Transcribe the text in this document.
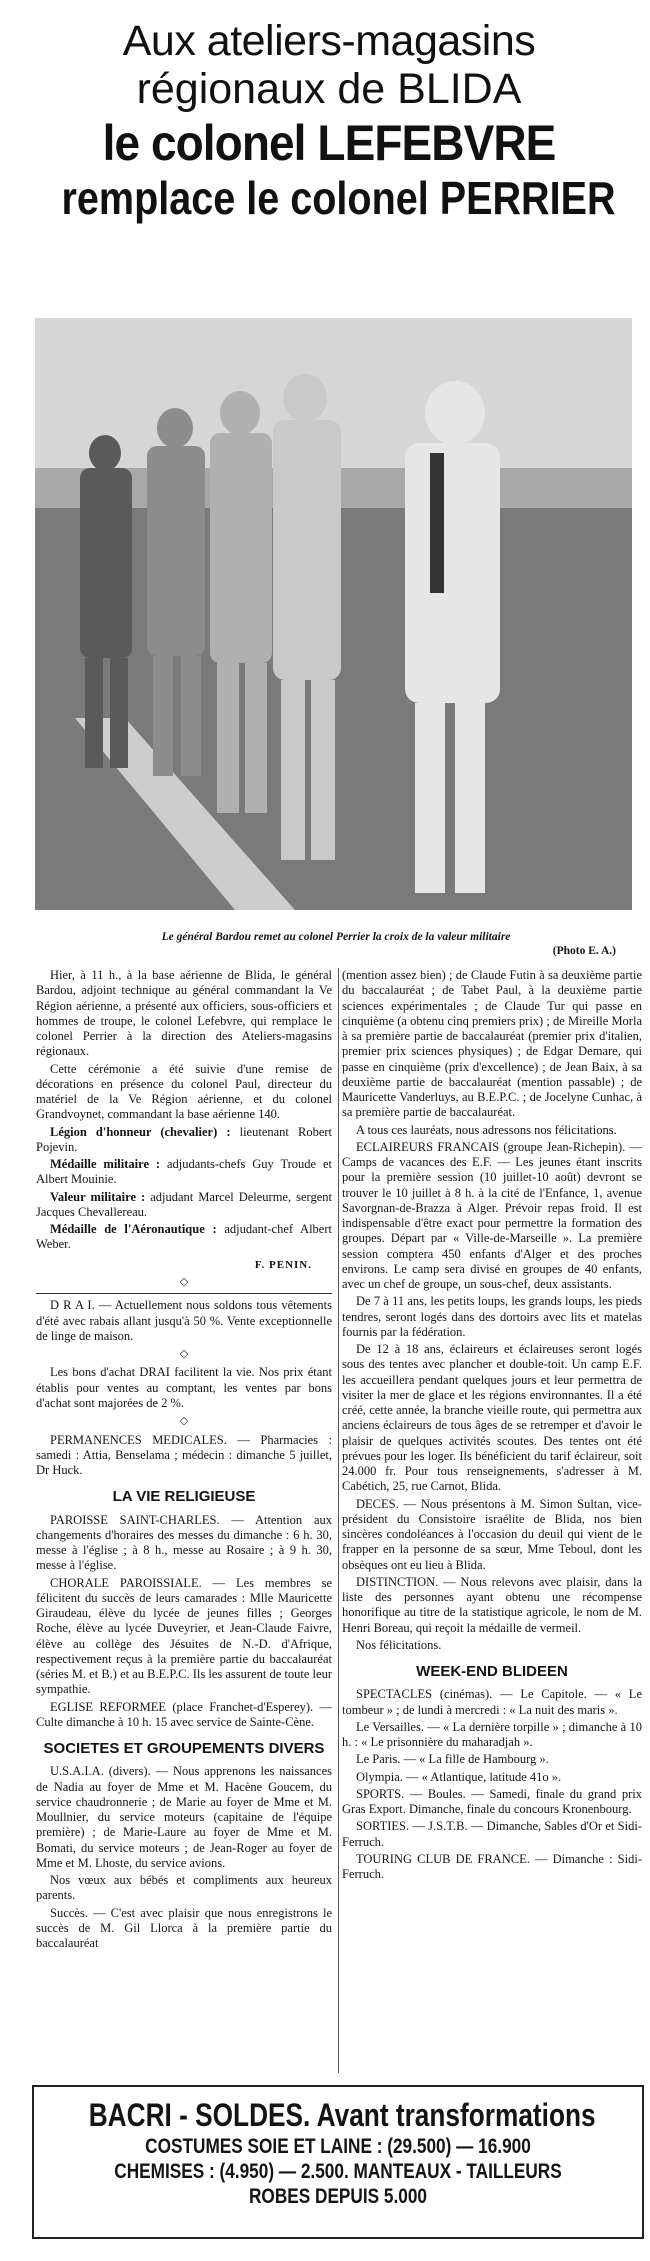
Aux ateliers-magasins
régionaux de BLIDA
le colonel LEFEBVRE
remplace le colonel PERRIER
Le général Bardou remet au colonel Perrier la croix de la valeur militaire
(Photo E. A.)

Hier, à 11 h., à la base aérienne de Blida, le général Bardou, adjoint technique au général commandant la Ve Région aérienne, a présenté aux officiers, sous-officiers et hommes de troupe, le colonel Lefebvre, qui remplace le colonel Perrier à la direction des Ateliers-magasins régionaux.

Cette cérémonie a été suivie d'une remise de décorations en présence du colonel Paul, directeur du matériel de la Ve Région aérienne, et du colonel Grandvoynet, commandant la base aérienne 140.

Légion d'honneur (chevalier) : lieutenant Robert Pojevin.

Médaille militaire : adjudants-chefs Guy Troude et Albert Mouinie.

Valeur militaire : adjudant Marcel Deleurme, sergent Jacques Chevallereau.

Médaille de l'Aéronautique : adjudant-chef Albert Weber.

F. PENIN.
◇

D R A I. — Actuellement nous soldons tous vêtements d'été avec rabais allant jusqu'à 50 %. Vente exceptionnelle de linge de maison.

◇

Les bons d'achat DRAI facilitent la vie. Nos prix étant établis pour ventes au comptant, les ventes par bons d'achat sont majorées de 2 %.

◇

PERMANENCES MEDICALES. — Pharmacies : samedi : Attia, Benselama ; médecin : dimanche 5 juillet, Dr Huck.

LA VIE RELIGIEUSE

PAROISSE SAINT-CHARLES. — Attention aux changements d'horaires des messes du dimanche : 6 h. 30, messe à l'église ; à 8 h., messe au Rosaire ; à 9 h. 30, messe à l'église.

CHORALE PAROISSIALE. — Les membres se félicitent du succès de leurs camarades : Mlle Mauricette Giraudeau, élève du lycée de jeunes filles ; Georges Roche, élève au lycée Duveyrier, et Jean-Claude Faivre, élève au collège des Jésuites de N.-D. d'Afrique, respectivement reçus à la première partie du baccalauréat (séries M. et B.) et au B.E.P.C. Ils les assurent de toute leur sympathie.

EGLISE REFORMEE (place Franchet-d'Esperey). — Culte dimanche à 10 h. 15 avec service de Sainte-Cène.

SOCIETES ET GROUPEMENTS DIVERS

U.S.A.I.A. (divers). — Nous apprenons les naissances de Nadia au foyer de Mme et M. Hacène Goucem, du service chaudronnerie ; de Marie au foyer de Mme et M. Moullnier, du service moteurs (capitaine de l'équipe première) ; de Marie-Laure au foyer de Mme et M. Bomati, du service moteurs ; de Jean-Roger au foyer de Mme et M. Lhoste, du service avions.

Nos vœux aux bébés et compliments aux heureux parents.

Succès. — C'est avec plaisir que nous enregistrons le succès de M. Gil Llorca à la première partie du baccalauréat

(mention assez bien) ; de Claude Futin à sa deuxième partie du baccalauréat ; de Tabet Paul, à la deuxième partie sciences expérimentales ; de Claude Tur qui passe en cinquième (a obtenu cinq premiers prix) ; de Mireille Morla à sa première partie de baccalauréat (premier prix d'italien, premier prix sciences physiques) ; de Edgar Demare, qui passe en cinquième (prix d'excellence) ; de Jean Baix, à sa deuxième partie de baccalauréat (mention passable) ; de Mauricette Vanderluys, au B.E.P.C. ; de Jocelyne Cunhac, à sa première partie de baccalauréat.

A tous ces lauréats, nous adressons nos félicitations.

ECLAIREURS FRANCAIS (groupe Jean-Richepin). — Camps de vacances des E.F. — Les jeunes étant inscrits pour la première session (10 juillet-10 août) devront se trouver le 10 juillet à 8 h. à la cité de l'Enfance, 1, avenue Savorgnan-de-Brazza à Alger. Prévoir repas froid. Il est indispensable d'être exact pour permettre la formation des groupes. Départ par « Ville-de-Marseille ». La première session comptera 450 enfants d'Alger et des proches environs. Le camp sera divisé en groupes de 40 enfants, avec un chef de groupe, un sous-chef, deux assistants.

De 7 à 11 ans, les petits loups, les grands loups, les pieds tendres, seront logés dans des dortoirs avec lits et matelas fournis par la fédération.

De 12 à 18 ans, éclaireurs et éclaireuses seront logés sous des tentes avec plancher et double-toit. Un camp E.F. les accueillera pendant quelques jours et leur permettra de visiter la mer de glace et les régions environnantes. Il a été créé, cette année, la branche vieille route, qui permettra aux anciens éclaireurs de tous âges de se retremper et d'avoir le plaisir de quelques activités scoutes. Des tentes ont été prévues pour les loger. Ils bénéficient du tarif éclaireur, soit 24.000 fr. Pour tous renseignements, s'adresser à M. Cabétich, 25, rue Carnot, Blida.

DECES. — Nous présentons à M. Simon Sultan, vice-président du Consistoire israélite de Blida, nos bien sincères condoléances à l'occasion du deuil qui vient de le frapper en la personne de sa sœur, Mme Teboul, dont les obsèques ont eu lieu à Blida.

DISTINCTION. — Nous relevons avec plaisir, dans la liste des personnes ayant obtenu une récompense honorifique au titre de la statistique agricole, le nom de M. Henri Boreau, qui reçoit la médaille de vermeil.

Nos félicitations.

WEEK-END BLIDEEN

SPECTACLES (cinémas). — Le Capitole. — « Le tombeur » ; de lundi à mercredi : « La nuit des maris ».

Le Versailles. — « La dernière torpille » ; dimanche à 10 h. : « Le prisonnière du maharadjah ».

Le Paris. — « La fille de Hambourg ».

Olympia. — « Atlantique, latitude 41o ».

SPORTS. — Boules. — Samedi, finale du grand prix Gras Export. Dimanche, finale du concours Kronenbourg.

SORTIES. — J.S.T.B. — Dimanche, Sables d'Or et Sidi-Ferruch.

TOURING CLUB DE FRANCE. — Dimanche : Sidi-Ferruch.

BACRI - SOLDES. Avant transformations
COSTUMES SOIE ET LAINE : (29.500) — 16.900
CHEMISES : (4.950) — 2.500. MANTEAUX - TAILLEURS
ROBES DEPUIS 5.000
